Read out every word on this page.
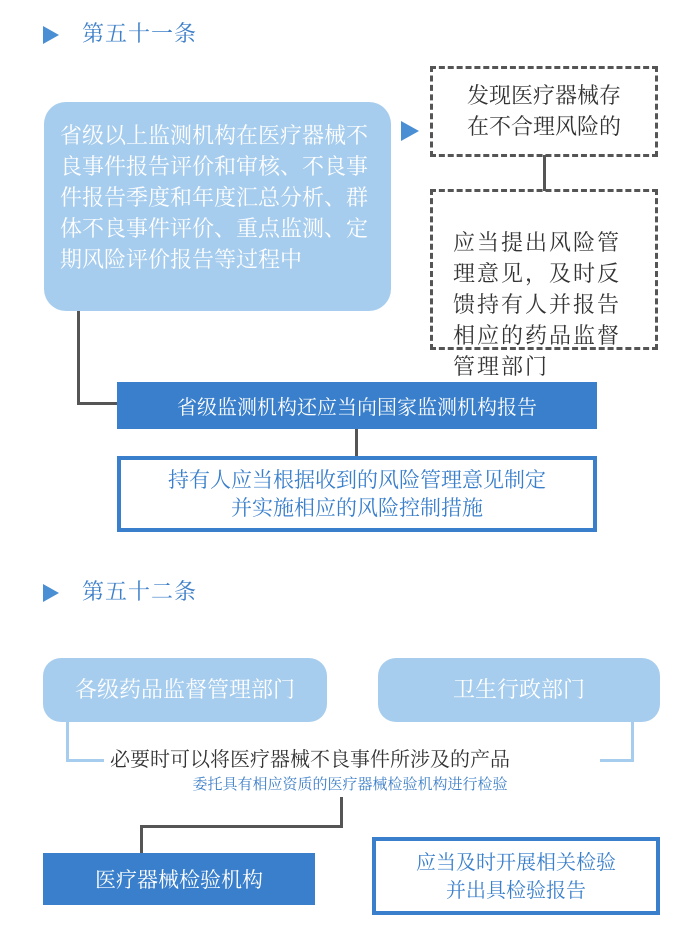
第五十一条
省级以上监测机构在医疗器械不良事件报告评价和审核、不良事件报告季度和年度汇总分析、群体不良事件评价、重点监测、定期风险评价报告等过程中
发现医疗器械存
在不合理风险的

应当提出风险管
理意见，及时反
馈持有人并报告
相应的药品监督
管理部门

省级监测机构还应当向国家监测机构报告
持有人应当根据收到的风险管理意见制定
并实施相应的风险控制措施
第五十二条
各级药品监督管理部门	卫生行政部门
必要时可以将医疗器械不良事件所涉及的产品
委托具有相应资质的医疗器械检验机构进行检验
医疗器械检验机构
应当及时开展相关检验
并出具检验报告
